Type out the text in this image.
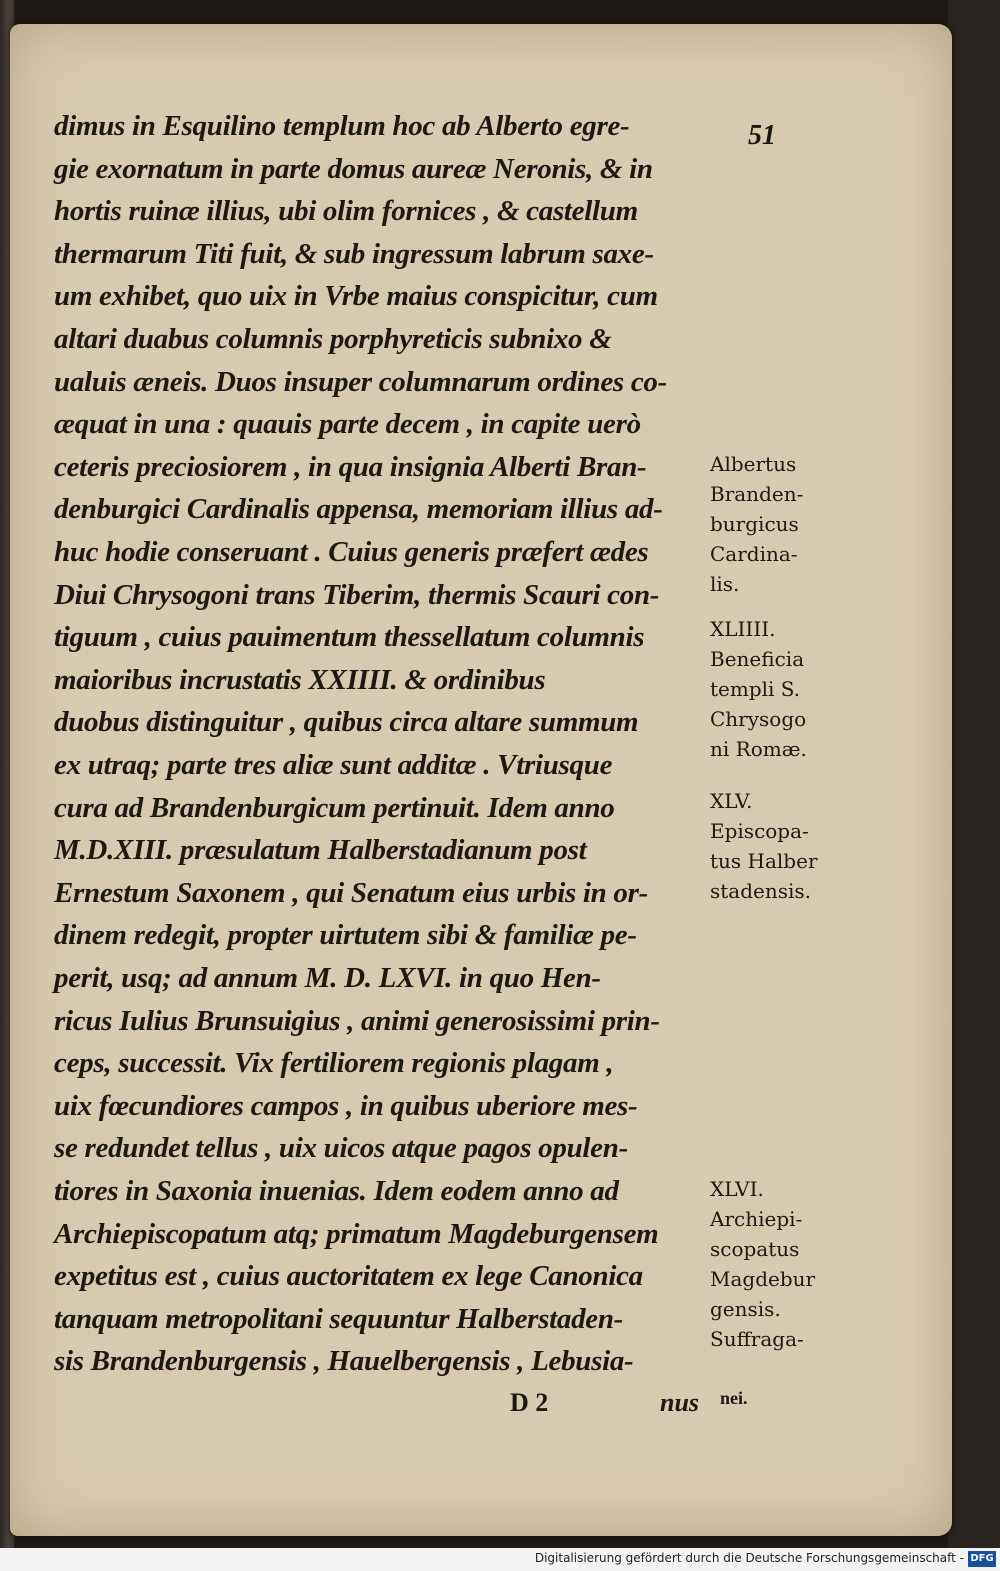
51
dimus in Esquilino templum hoc ab Alberto egre-
gie exornatum in parte domus aureæ Neronis, & in
hortis ruinæ illius, ubi olim fornices , & castellum
thermarum Titi fuit, & sub ingressum labrum saxe-
um exhibet, quo uix in Vrbe maius conspicitur, cum
altari duabus columnis porphyreticis subnixo &
ualuis æneis. Duos insuper columnarum ordines co-
æquat in una : quauis parte decem , in capite uerò
ceteris preciosiorem , in qua insignia Alberti Bran-
denburgici Cardinalis appensa, memoriam illius ad-
huc hodie conseruant . Cuius generis præfert ædes
Diui Chrysogoni trans Tiberim, thermis Scauri con-
tiguum , cuius pauimentum thessellatum columnis
maioribus incrustatis XXIIII. & ordinibus
duobus distinguitur , quibus circa altare summum
ex utraq; parte tres aliæ sunt additæ . Vtriusque
cura ad Brandenburgicum pertinuit. Idem anno
M.D.XIII. præsulatum Halberstadianum post
Ernestum Saxonem , qui Senatum eius urbis in or-
dinem redegit, propter uirtutem sibi & familiæ pe-
perit, usq; ad annum M. D. LXVI. in quo Hen-
ricus Iulius Brunsuigius , animi generosissimi prin-
ceps, successit. Vix fertiliorem regionis plagam ,
uix fœcundiores campos , in quibus uberiore mes-
se redundet tellus , uix uicos atque pagos opulen-
tiores in Saxonia inuenias. Idem eodem anno ad
Archiepiscopatum atq; primatum Magdeburgensem
expetitus est , cuius auctoritatem ex lege Canonica
tanquam metropolitani sequuntur Halberstaden-
sis Brandenburgensis , Hauelbergensis , Lebusia-
Albertus
Branden-
burgicus
Cardina-
lis.
XLIIII.
Beneficia
templi S.
Chrysogo
ni Romæ.
XLV.
Episcopa-
tus Halber
stadensis.
XLVI.
Archiepi-
scopatus
Magdebur
gensis.
Suffraga-
D 2	nus nei.
Digitalisierung gefördert durch die Deutsche Forschungsgemeinschaft - DFG
